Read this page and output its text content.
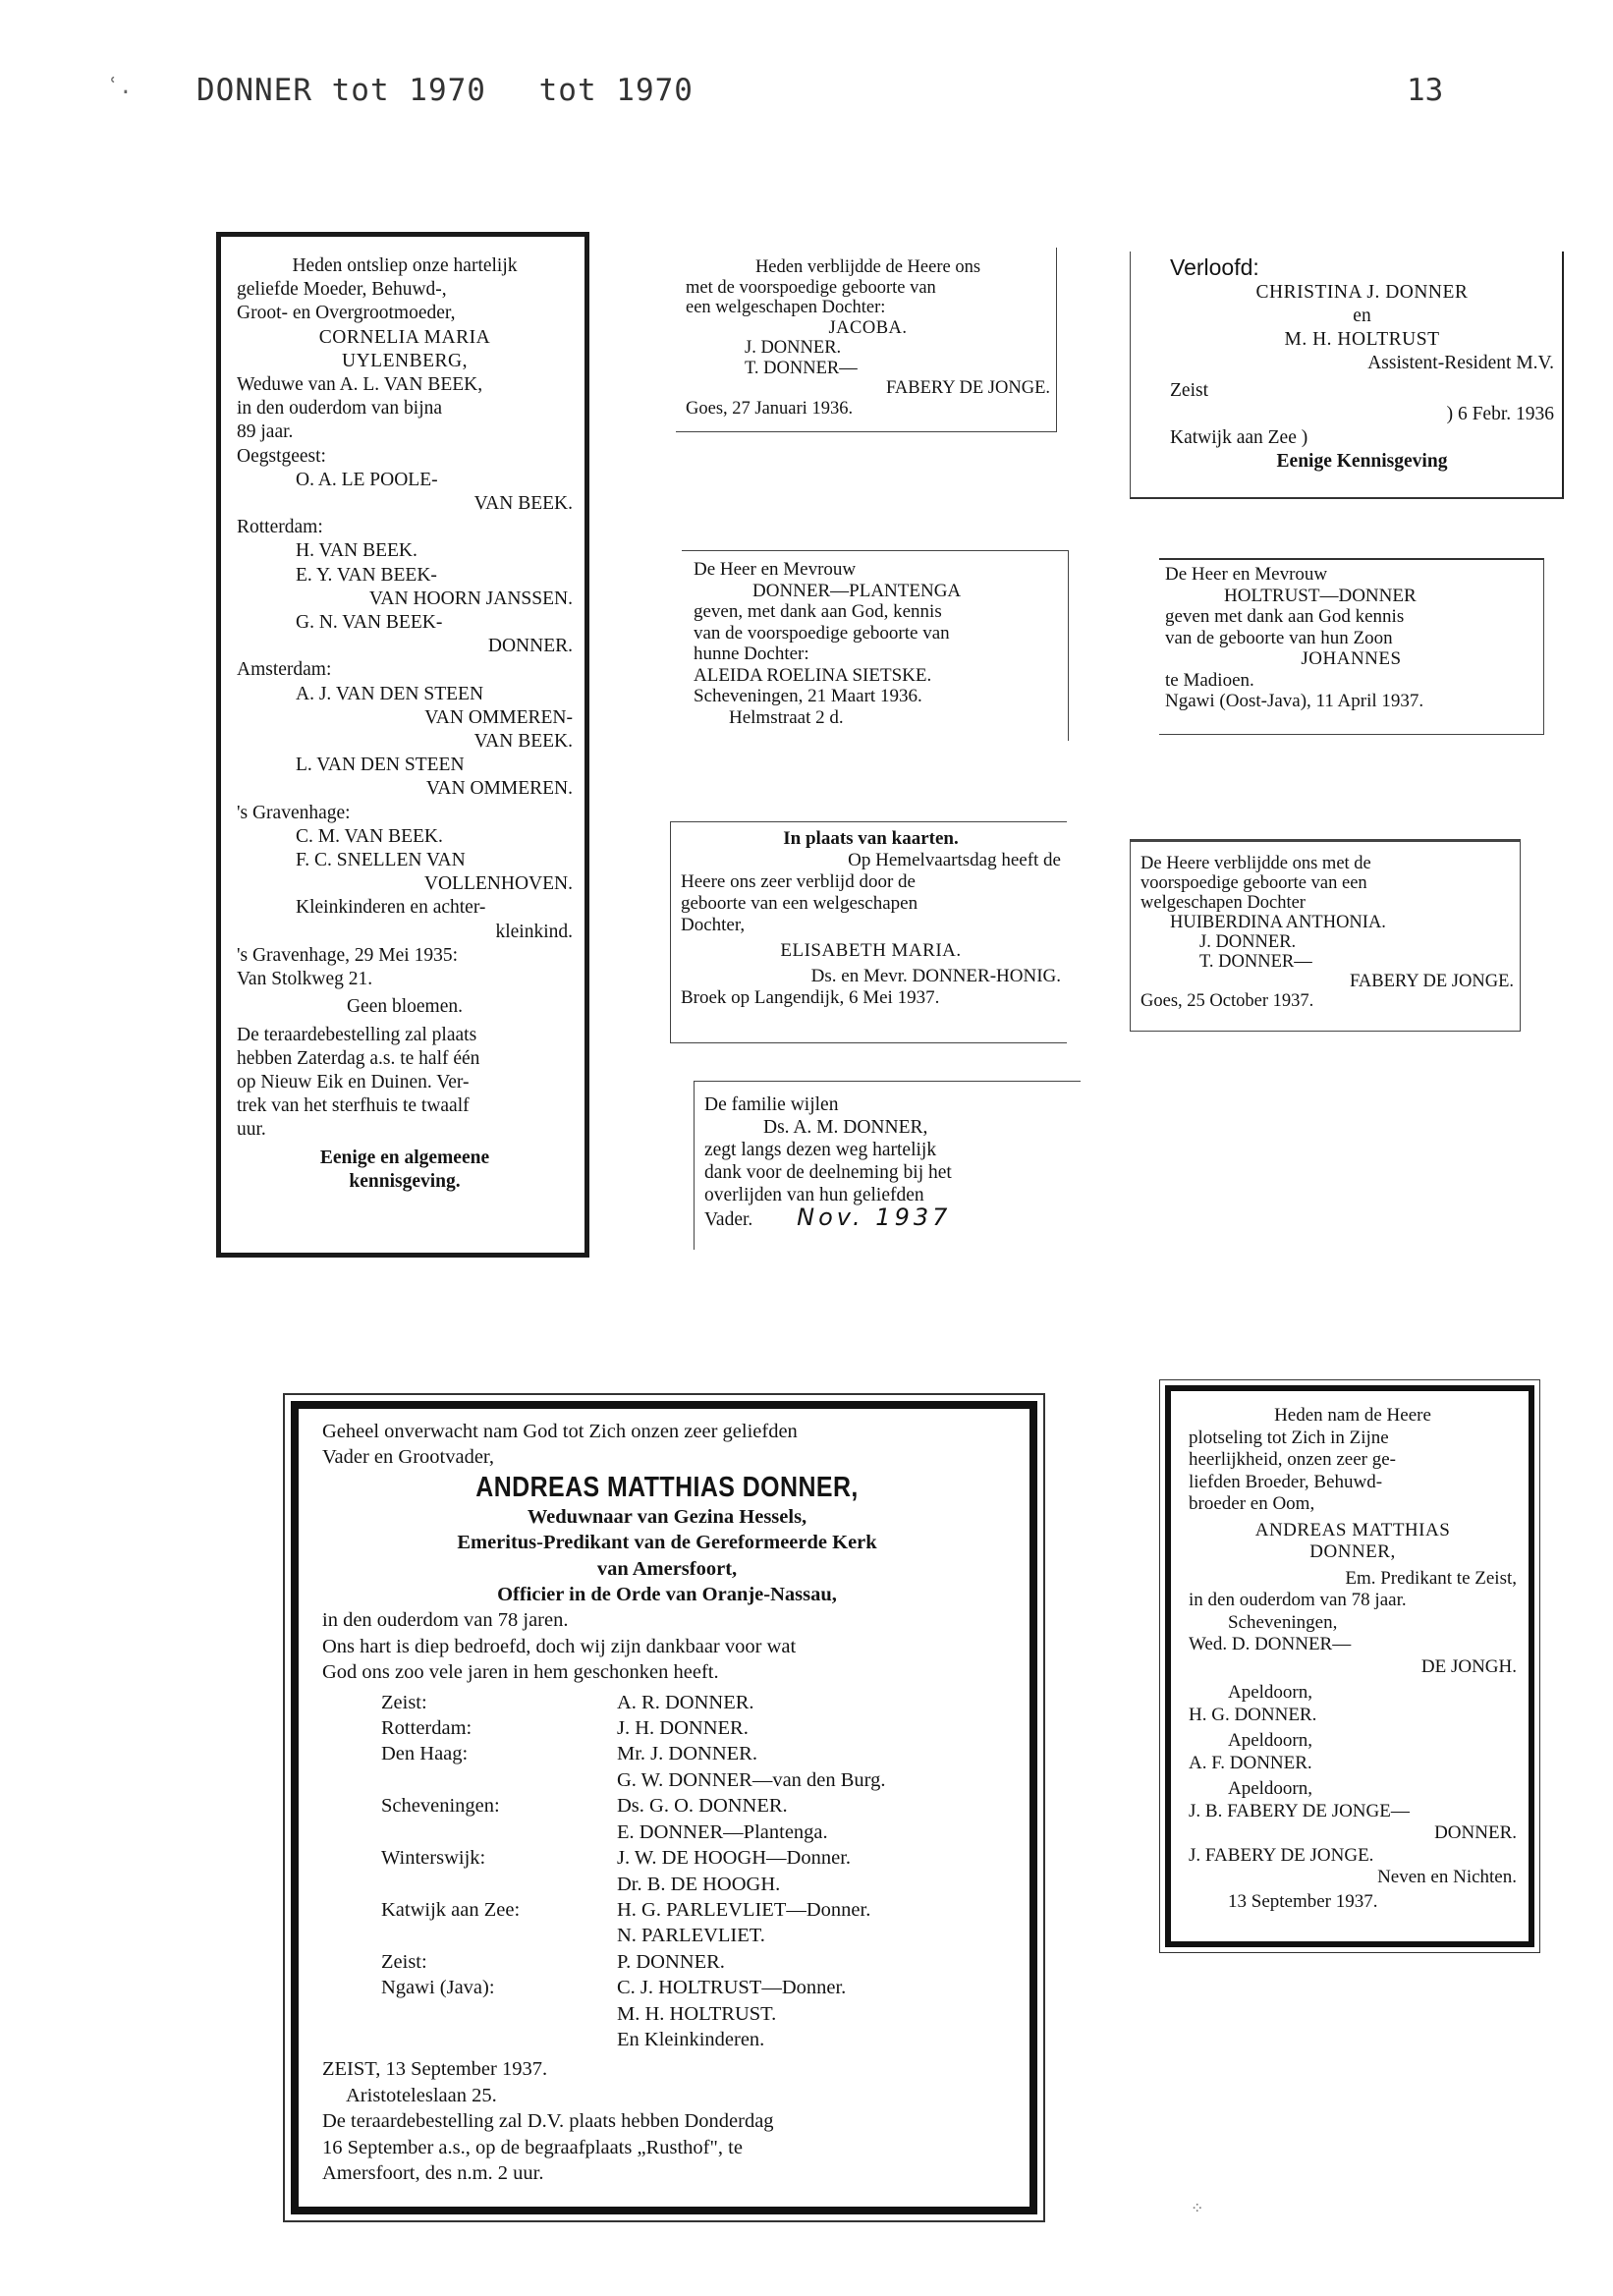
ʿ. DONNER tot 1970 tot 1970	13
Heden ontsliep onze hartelijk
geliefde Moeder, Behuwd-,
Groot- en Overgrootmoeder,
CORNELIA MARIA
UYLENBERG,
Weduwe van A. L. VAN BEEK,
in den ouderdom van bijna
89 jaar.
Oegstgeest:
O. A. LE POOLE-
VAN BEEK.
Rotterdam:
H. VAN BEEK.
E. Y. VAN BEEK-
VAN HOORN JANSSEN.
G. N. VAN BEEK-
DONNER.
Amsterdam:
A. J. VAN DEN STEEN
VAN OMMEREN-
VAN BEEK.
L. VAN DEN STEEN
VAN OMMEREN.
's Gravenhage:
C. M. VAN BEEK.
F. C. SNELLEN VAN
VOLLENHOVEN.
Kleinkinderen en achter-
kleinkind.
's Gravenhage, 29 Mei 1935:
Van Stolkweg 21.
Geen bloemen.
De teraardebestelling zal plaats
hebben Zaterdag a.s. te half één
op Nieuw Eik en Duinen. Ver-
trek van het sterfhuis te twaalf
uur.
Eenige en algemeene
kennisgeving.
Heden verblijdde de Heere ons
met de voorspoedige geboorte van
een welgeschapen Dochter:
JACOBA.
J. DONNER.
T. DONNER—
FABERY DE JONGE.
Goes, 27 Januari 1936.
Verloofd:
CHRISTINA J. DONNER
en
M. H. HOLTRUST
Assistent-Resident M.V.
Zeist
) 6 Febr. 1936
Katwijk aan Zee )
Eenige Kennisgeving
De Heer en Mevrouw
DONNER—PLANTENGA
geven, met dank aan God, kennis
van de voorspoedige geboorte van
hunne Dochter:
ALEIDA ROELINA SIETSKE.
Scheveningen, 21 Maart 1936.
Helmstraat 2 d.
De Heer en Mevrouw
HOLTRUST—DONNER
geven met dank aan God kennis
van de geboorte van hun Zoon
JOHANNES
te Madioen.
Ngawi (Oost-Java), 11 April 1937.
In plaats van kaarten.
Op Hemelvaartsdag heeft de
Heere ons zeer verblijd door de
geboorte van een welgeschapen
Dochter,
ELISABETH MARIA.
Ds. en Mevr. DONNER-HONIG.
Broek op Langendijk, 6 Mei 1937.
De Heere verblijdde ons met de
voorspoedige geboorte van een
welgeschapen Dochter
HUIBERDINA ANTHONIA.
J. DONNER.
T. DONNER—
FABERY DE JONGE.
Goes, 25 October 1937.
De familie wijlen
Ds. A. M. DONNER,
zegt langs dezen weg hartelijk
dank voor de deelneming bij het
overlijden van hun geliefden
Vader. Nov. 1937
Geheel onverwacht nam God tot Zich onzen zeer geliefden
Vader en Grootvader,
ANDREAS MATTHIAS DONNER,
Weduwnaar van Gezina Hessels,
Emeritus-Predikant van de Gereformeerde Kerk
van Amersfoort,
Officier in de Orde van Oranje-Nassau,
in den ouderdom van 78 jaren.
Ons hart is diep bedroefd, doch wij zijn dankbaar voor wat
God ons zoo vele jaren in hem geschonken heeft.
Zeist:	A. R. DONNER.
Rotterdam:	J. H. DONNER.
Den Haag:	Mr. J. DONNER.
G. W. DONNER—van den Burg.
Scheveningen:	Ds. G. O. DONNER.
E. DONNER—Plantenga.
Winterswijk:	J. W. DE HOOGH—Donner.
Dr. B. DE HOOGH.
Katwijk aan Zee:	H. G. PARLEVLIET—Donner.
N. PARLEVLIET.
Zeist:	P. DONNER.
Ngawi (Java):	C. J. HOLTRUST—Donner.
M. H. HOLTRUST.
En Kleinkinderen.
ZEIST, 13 September 1937.
Aristoteleslaan 25.
De teraardebestelling zal D.V. plaats hebben Donderdag
16 September a.s., op de begraafplaats „Rusthof", te
Amersfoort, des n.m. 2 uur.
Heden nam de Heere
plotseling tot Zich in Zijne
heerlijkheid, onzen zeer ge-
liefden Broeder, Behuwd-
broeder en Oom,
ANDREAS MATTHIAS
DONNER,
Em. Predikant te Zeist,
in den ouderdom van 78 jaar.
Scheveningen,
Wed. D. DONNER—
DE JONGH.
Apeldoorn,
H. G. DONNER.
Apeldoorn,
A. F. DONNER.
Apeldoorn,
J. B. FABERY DE JONGE—
DONNER.
J. FABERY DE JONGE.
Neven en Nichten.
13 September 1937.
⁘
